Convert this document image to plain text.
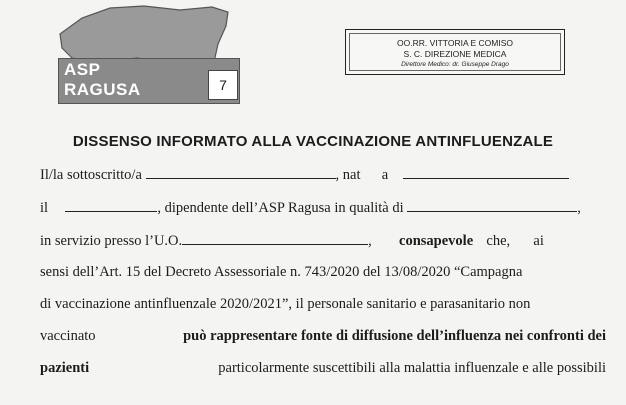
ASP
RAGUSA	7
OO.RR. VITTORIA E COMISO
S. C. DIREZIONE MEDICA
Direttore Medico: dr. Giuseppe Drago
DISSENSO INFORMATO ALLA VACCINAZIONE ANTINFLUENZALE
Il/la sottoscritto/a	, nat a
il	, dipendente dell’ASP Ragusa in qualità di	,
in servizio presso l’U.O.	, consapevole che, ai
sensi dell’Art. 15 del Decreto Assessoriale n. 743/2020 del 13/08/2020 “Campagna
di vaccinazione antinfluenzale 2020/2021”, il personale sanitario e parasanitario non
vaccinato	può rappresentare fonte di diffusione dell’influenza nei confronti dei
pazienti	particolarmente suscettibili alla malattia influenzale e alle possibili
